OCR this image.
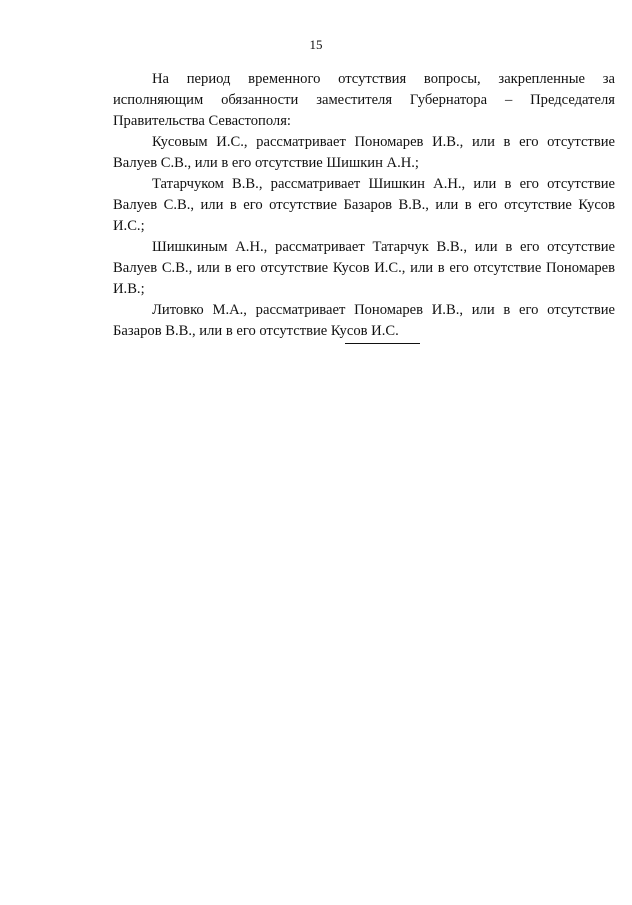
15

На период временного отсутствия вопросы, закрепленные за исполняющим обязанности заместителя Губернатора – Председателя Правительства Севастополя:

Кусовым И.С., рассматривает Пономарев И.В., или в его отсутствие Валуев С.В., или в его отсутствие Шишкин А.Н.;

Татарчуком В.В., рассматривает Шишкин А.Н., или в его отсутствие Валуев С.В., или в его отсутствие Базаров В.В., или в его отсутствие Кусов И.С.;

Шишкиным А.Н., рассматривает Татарчук В.В., или в его отсутствие Валуев С.В., или в его отсутствие Кусов И.С., или в его отсутствие Пономарев И.В.;

Литовко М.А., рассматривает Пономарев И.В., или в его отсутствие Базаров В.В., или в его отсутствие Кусов И.С.
